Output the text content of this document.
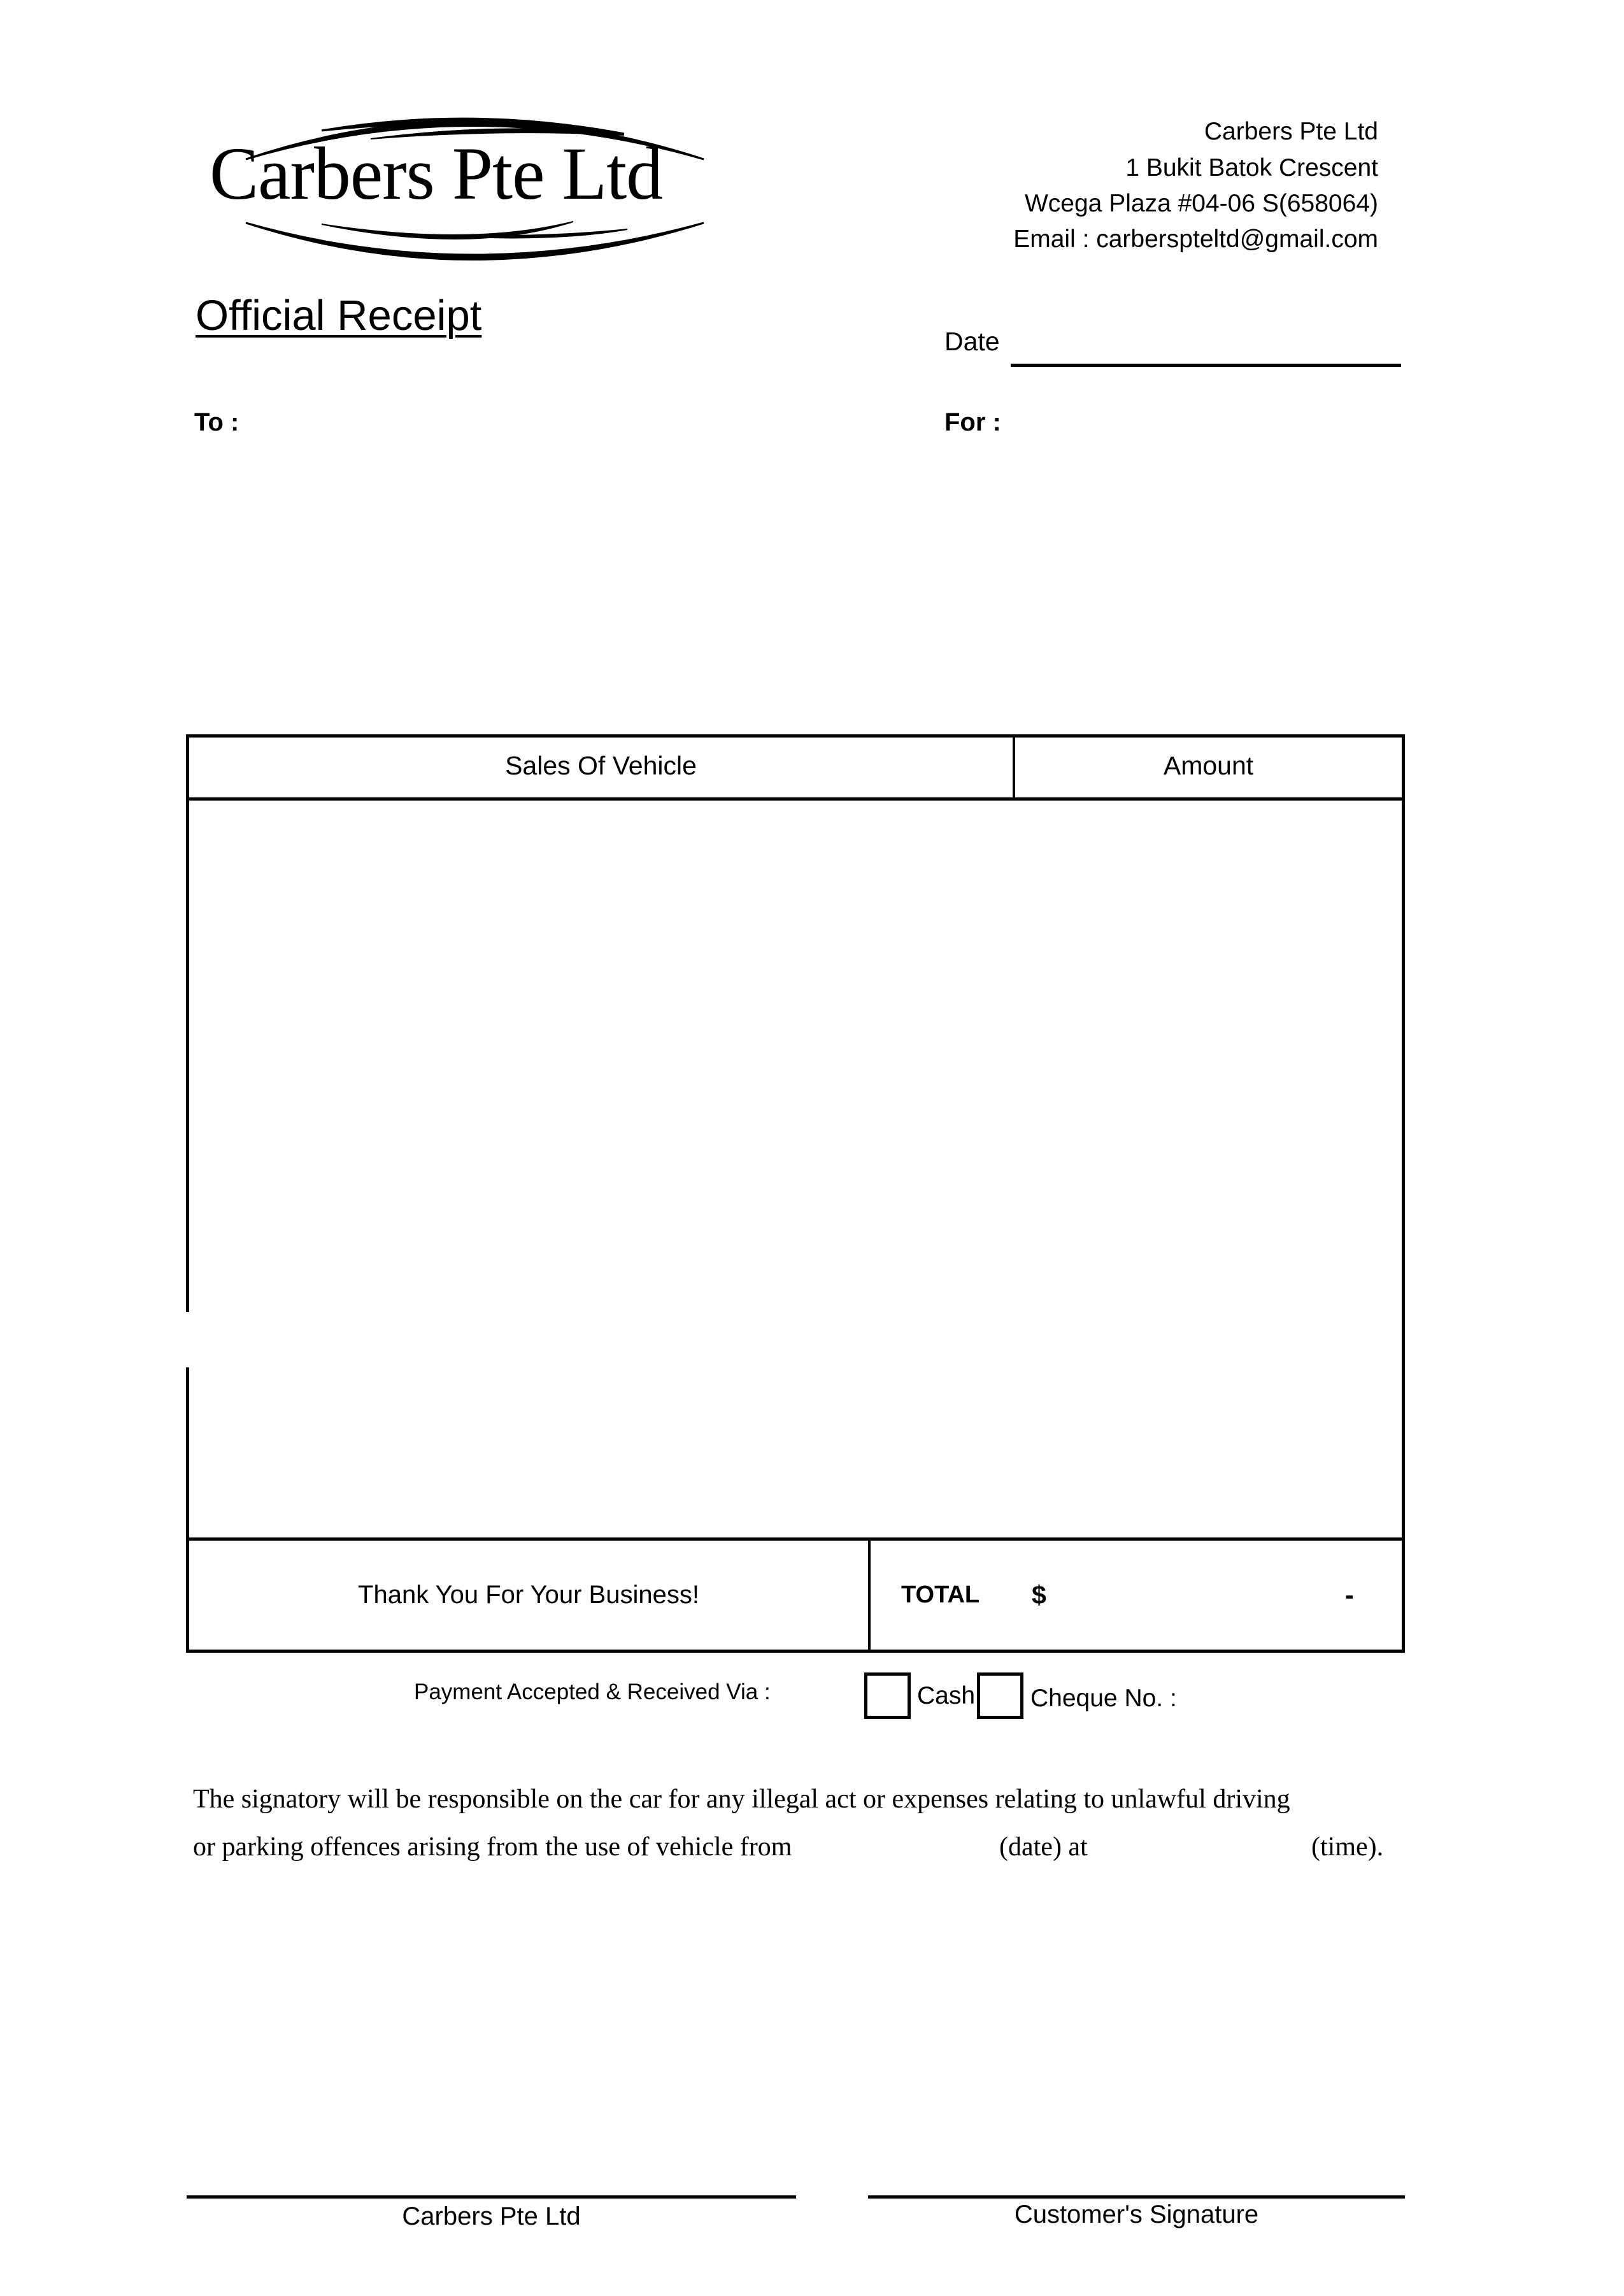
Carbers Pte Ltd
Carbers Pte Ltd
1 Bukit Batok Crescent
Wcega Plaza #04-06 S(658064)
Email : carberspteltd@gmail.com
Official Receipt
Date
To :	For :
Sales Of Vehicle	Amount
Thank You For Your Business!	TOTAL $	-
Payment Accepted & Received Via :	Cash Cheque No. :
The signatory will be responsible on the car for any illegal act or expenses relating to unlawful driving
or parking offences arising from the use of vehicle from	(date) at	(time).
Carbers Pte Ltd	Customer's Signature
